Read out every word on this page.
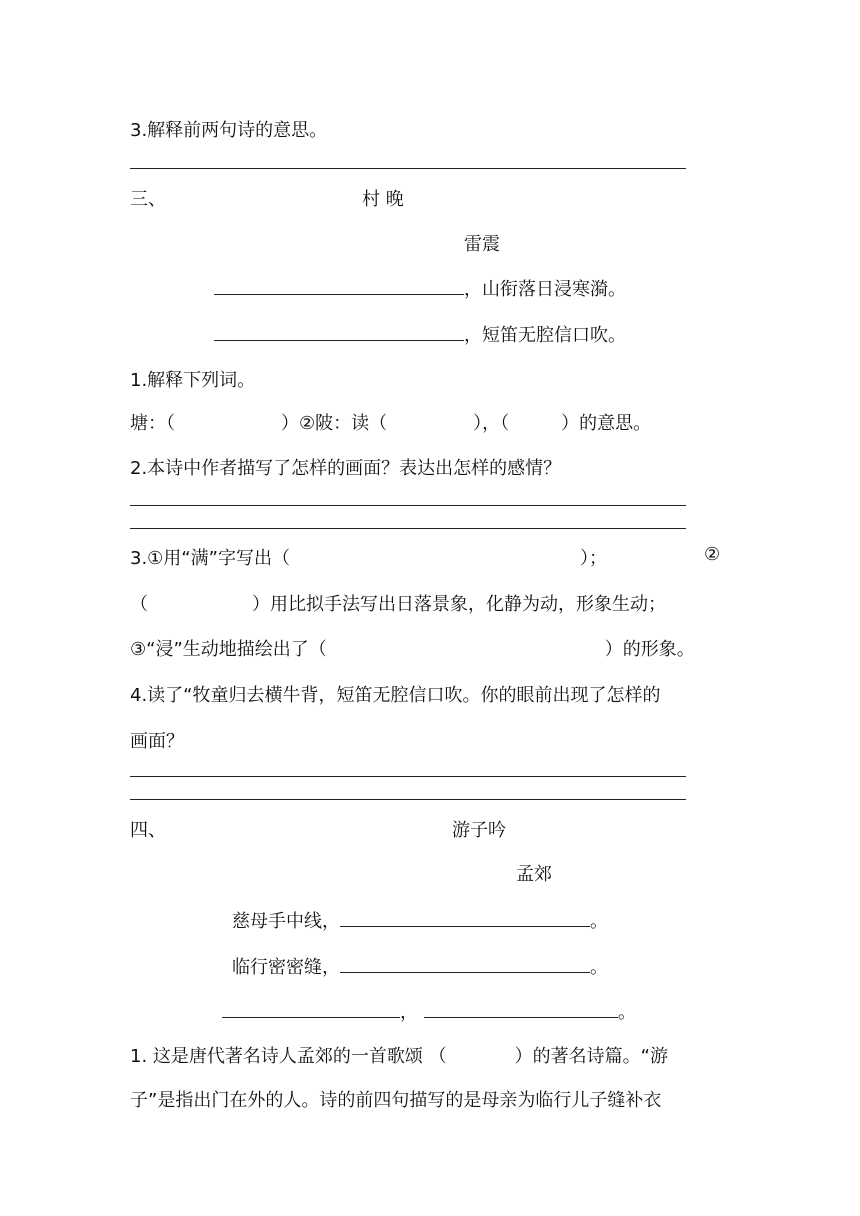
3.解释前两句诗的意思。
三、	村 晚
雷震
，山衔落日浸寒漪。
，短笛无腔信口吹。
1.解释下列词。
塘：（	）②陂：读（	），（	）的意思。
2.本诗中作者描写了怎样的画面？表达出怎样的感情？
3.①用“满”字写出（	）；	②
（	）用比拟手法写出日落景象，化静为动，形象生动；
③“浸”生动地描绘出了（	）的形象。
4.读了“牧童归去横牛背，短笛无腔信口吹。你的眼前出现了怎样的
画面？
四、	游子吟
孟郊
慈母手中线，	。
临行密密缝，	。
，	。
1. 这是唐代著名诗人孟郊的一首歌颂 （	）的著名诗篇。“游
子”是指出门在外的人。诗的前四句描写的是母亲为临行儿子缝补衣
